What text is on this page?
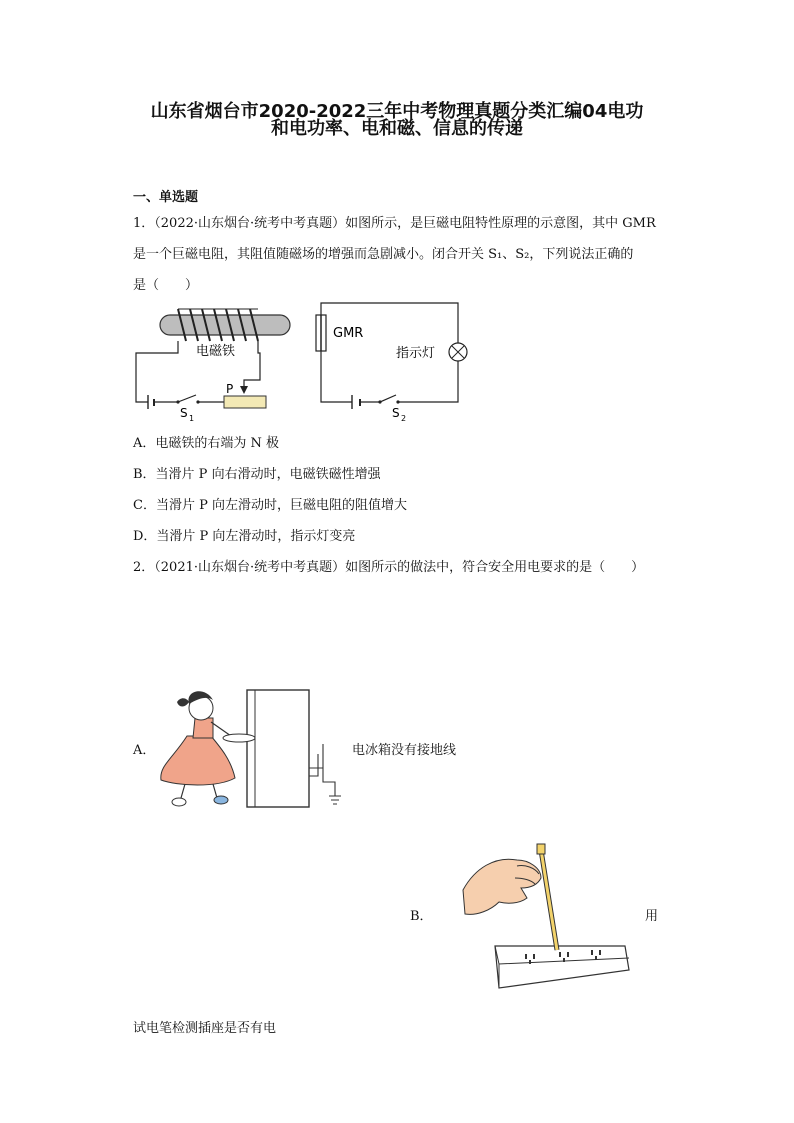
山东省烟台市2020-2022三年中考物理真题分类汇编04电功
和电功率、电和磁、信息的传递
一、单选题
1．（2022·山东烟台·统考中考真题）如图所示，是巨磁电阻特性原理的示意图，其中 GMR
是一个巨磁电阻，其阻值随磁场的增强而急剧减小。闭合开关 S₁、S₂，下列说法正确的
是（　　）
P
电磁铁
S 1
GMR
指示灯
S 2
A．电磁铁的右端为 N 极
B．当滑片 P 向右滑动时，电磁铁磁性增强
C．当滑片 P 向左滑动时，巨磁电阻的阻值增大
D．当滑片 P 向左滑动时，指示灯变亮
2．（2021·山东烟台·统考中考真题）如图所示的做法中，符合安全用电要求的是（　　）
A．	电冰箱没有接地线
B．	用
试电笔检测插座是否有电
